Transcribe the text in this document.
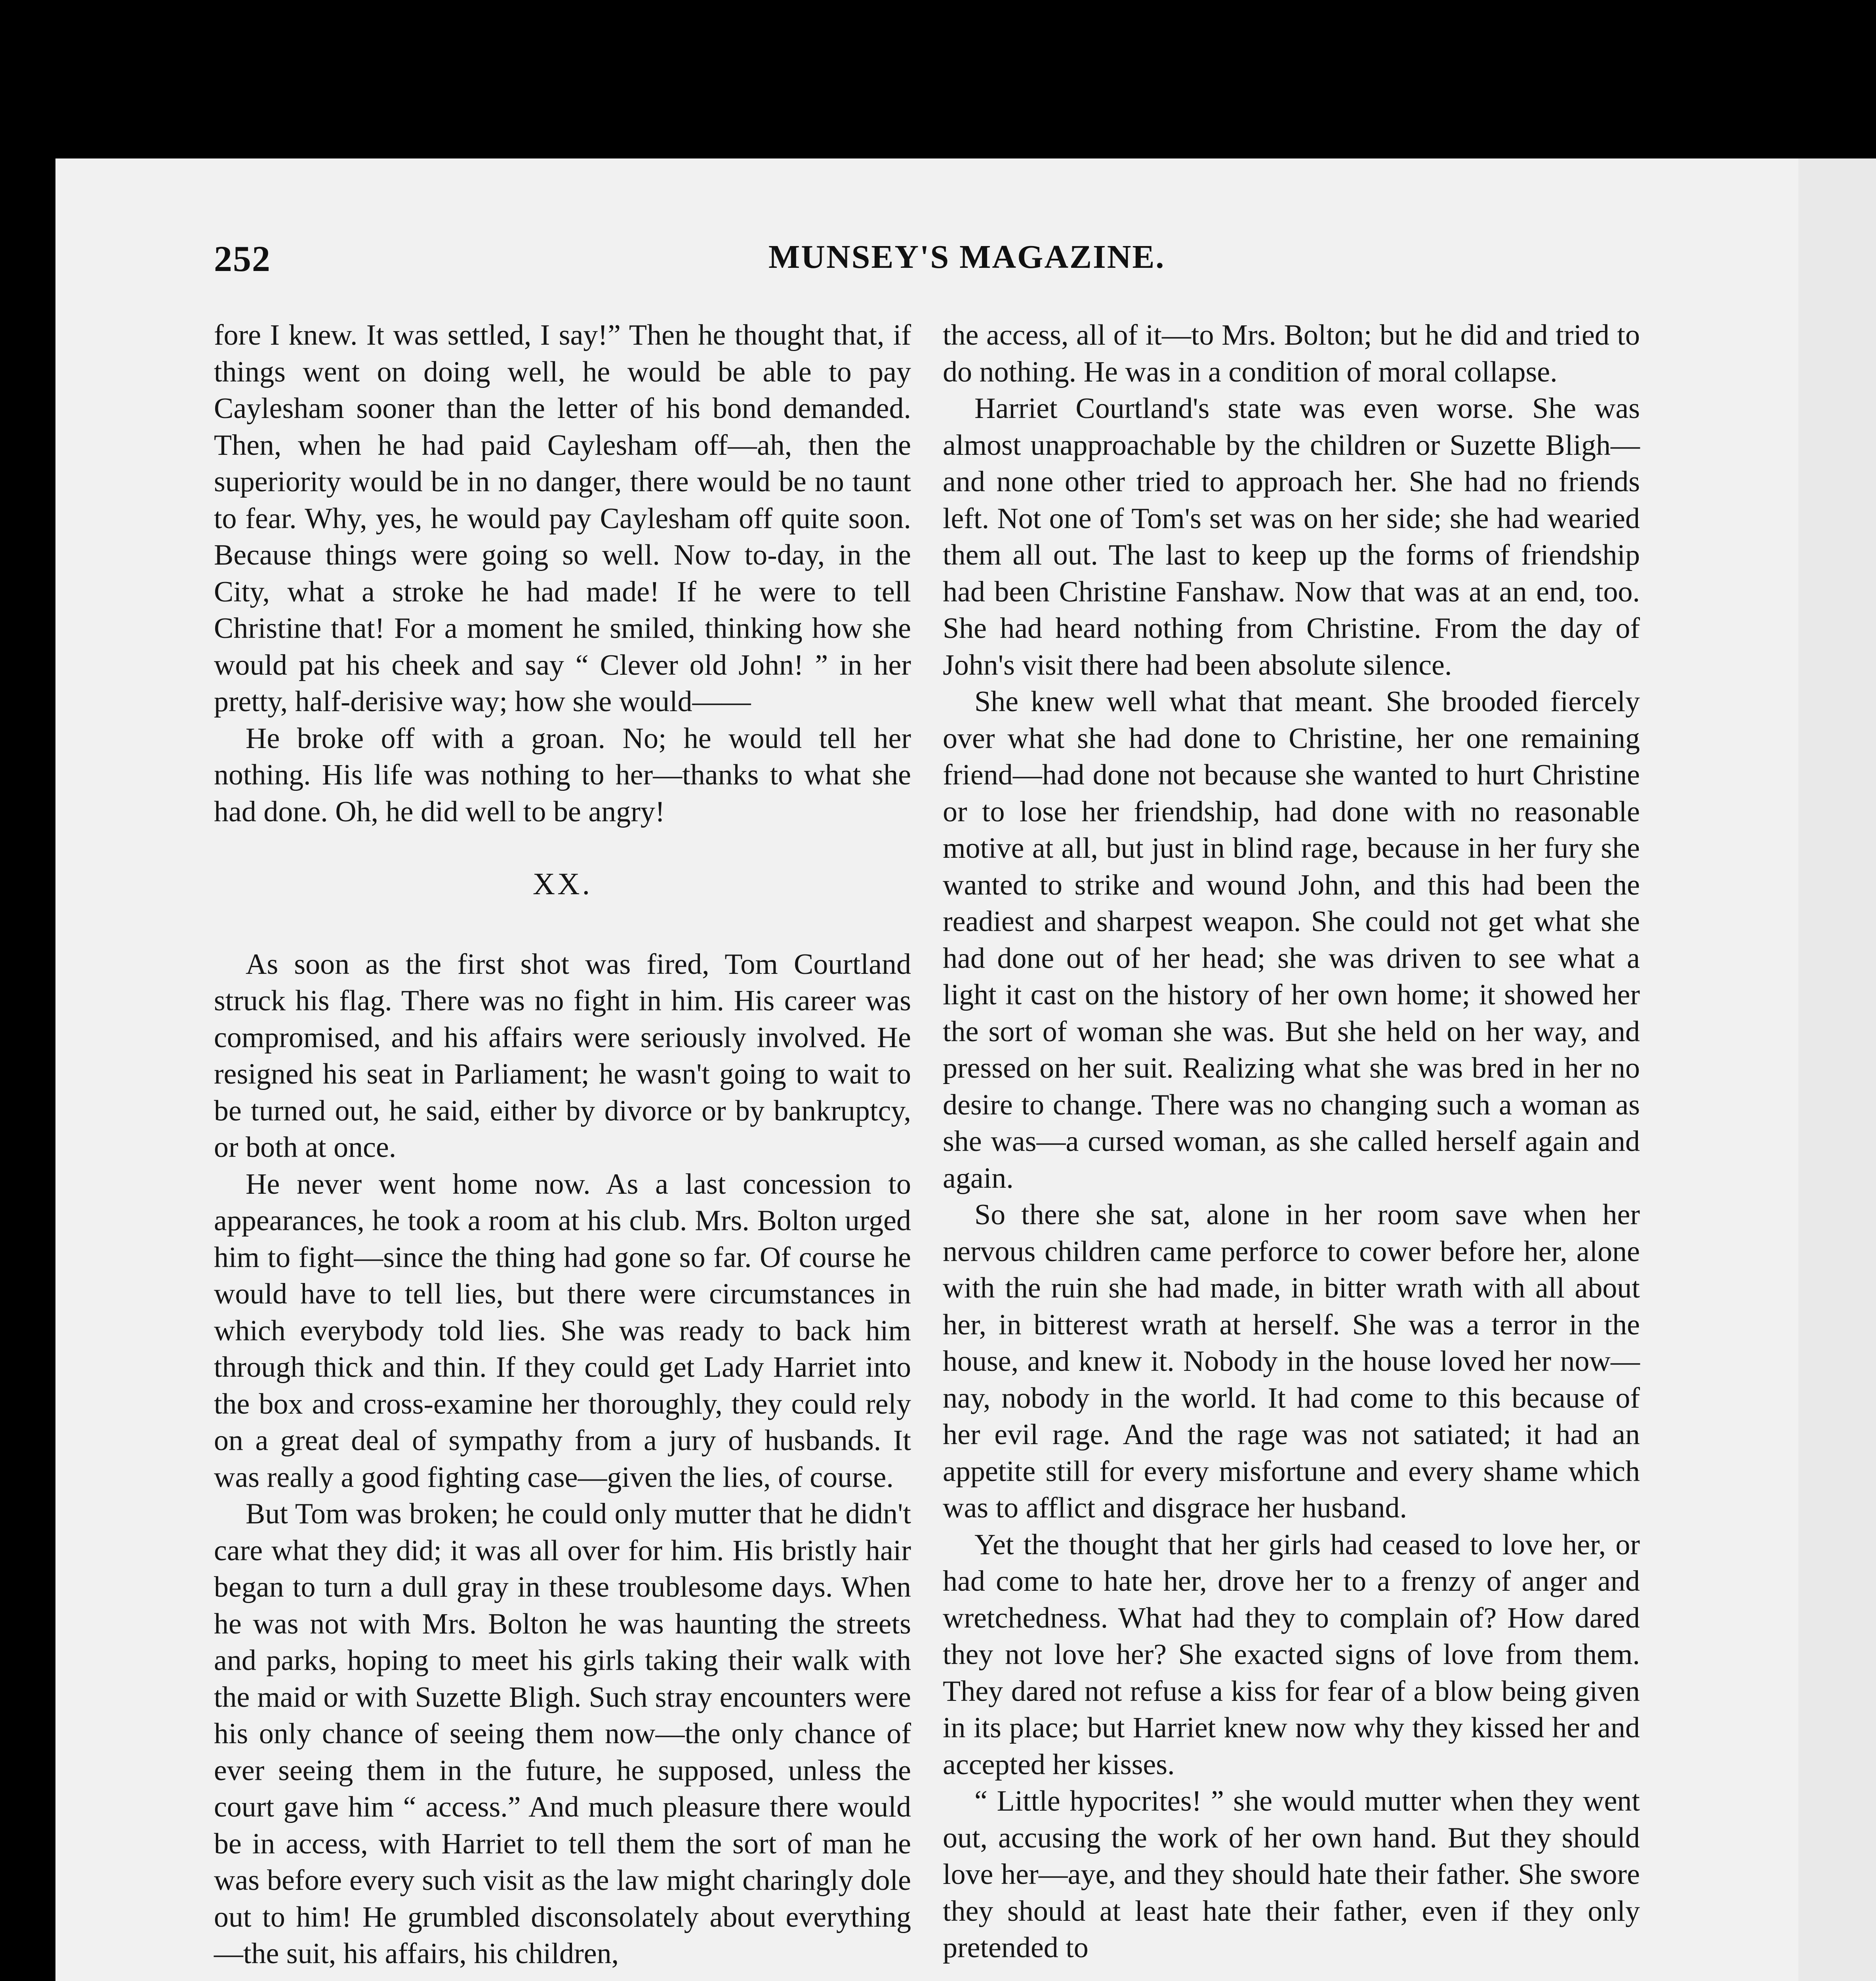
252	MUNSEY'S MAGAZINE.

fore I knew. It was settled, I say!” Then he thought that, if things went on doing well, he would be able to pay Caylesham sooner than the letter of his bond demanded. Then, when he had paid Caylesham off—ah, then the superiority would be in no danger, there would be no taunt to fear. Why, yes, he would pay Caylesham off quite soon. Because things were going so well. Now to-day, in the City, what a stroke he had made! If he were to tell Christine that! For a moment he smiled, thinking how she would pat his cheek and say “ Clever old John! ” in her pretty, half-derisive way; how she would——

He broke off with a groan. No; he would tell her nothing. His life was nothing to her—thanks to what she had done. Oh, he did well to be angry!

XX.

As soon as the first shot was fired, Tom Courtland struck his flag. There was no fight in him. His career was compromised, and his affairs were seriously involved. He resigned his seat in Parliament; he wasn't going to wait to be turned out, he said, either by divorce or by bankruptcy, or both at once.

He never went home now. As a last concession to appearances, he took a room at his club. Mrs. Bolton urged him to fight—since the thing had gone so far. Of course he would have to tell lies, but there were circumstances in which everybody told lies. She was ready to back him through thick and thin. If they could get Lady Harriet into the box and cross-examine her thoroughly, they could rely on a great deal of sympathy from a jury of husbands. It was really a good fighting case—given the lies, of course.

But Tom was broken; he could only mutter that he didn't care what they did; it was all over for him. His bristly hair began to turn a dull gray in these troublesome days. When he was not with Mrs. Bolton he was haunting the streets and parks, hoping to meet his girls taking their walk with the maid or with Suzette Bligh. Such stray encounters were his only chance of seeing them now—the only chance of ever seeing them in the future, he supposed, unless the court gave him “ access.” And much pleasure there would be in access, with Harriet to tell them the sort of man he was before every such visit as the law might charingly dole out to him! He grumbled disconsolately about everything—the suit, his affairs, his children,

the access, all of it—to Mrs. Bolton; but he did and tried to do nothing. He was in a condition of moral collapse.

Harriet Courtland's state was even worse. She was almost unapproachable by the children or Suzette Bligh—and none other tried to approach her. She had no friends left. Not one of Tom's set was on her side; she had wearied them all out. The last to keep up the forms of friendship had been Christine Fanshaw. Now that was at an end, too. She had heard nothing from Christine. From the day of John's visit there had been absolute silence.

She knew well what that meant. She brooded fiercely over what she had done to Christine, her one remaining friend—had done not because she wanted to hurt Christine or to lose her friendship, had done with no reasonable motive at all, but just in blind rage, because in her fury she wanted to strike and wound John, and this had been the readiest and sharpest weapon. She could not get what she had done out of her head; she was driven to see what a light it cast on the history of her own home; it showed her the sort of woman she was. But she held on her way, and pressed on her suit. Realizing what she was bred in her no desire to change. There was no changing such a woman as she was—a cursed woman, as she called herself again and again.

So there she sat, alone in her room save when her nervous children came perforce to cower before her, alone with the ruin she had made, in bitter wrath with all about her, in bitterest wrath at herself. She was a terror in the house, and knew it. Nobody in the house loved her now—nay, nobody in the world. It had come to this because of her evil rage. And the rage was not satiated; it had an appetite still for every misfortune and every shame which was to afflict and disgrace her husband.

Yet the thought that her girls had ceased to love her, or had come to hate her, drove her to a frenzy of anger and wretchedness. What had they to complain of? How dared they not love her? She exacted signs of love from them. They dared not refuse a kiss for fear of a blow being given in its place; but Harriet knew now why they kissed her and accepted her kisses.

“ Little hypocrites! ” she would mutter when they went out, accusing the work of her own hand. But they should love her—aye, and they should hate their father. She swore they should at least hate their father, even if they only pretended to
